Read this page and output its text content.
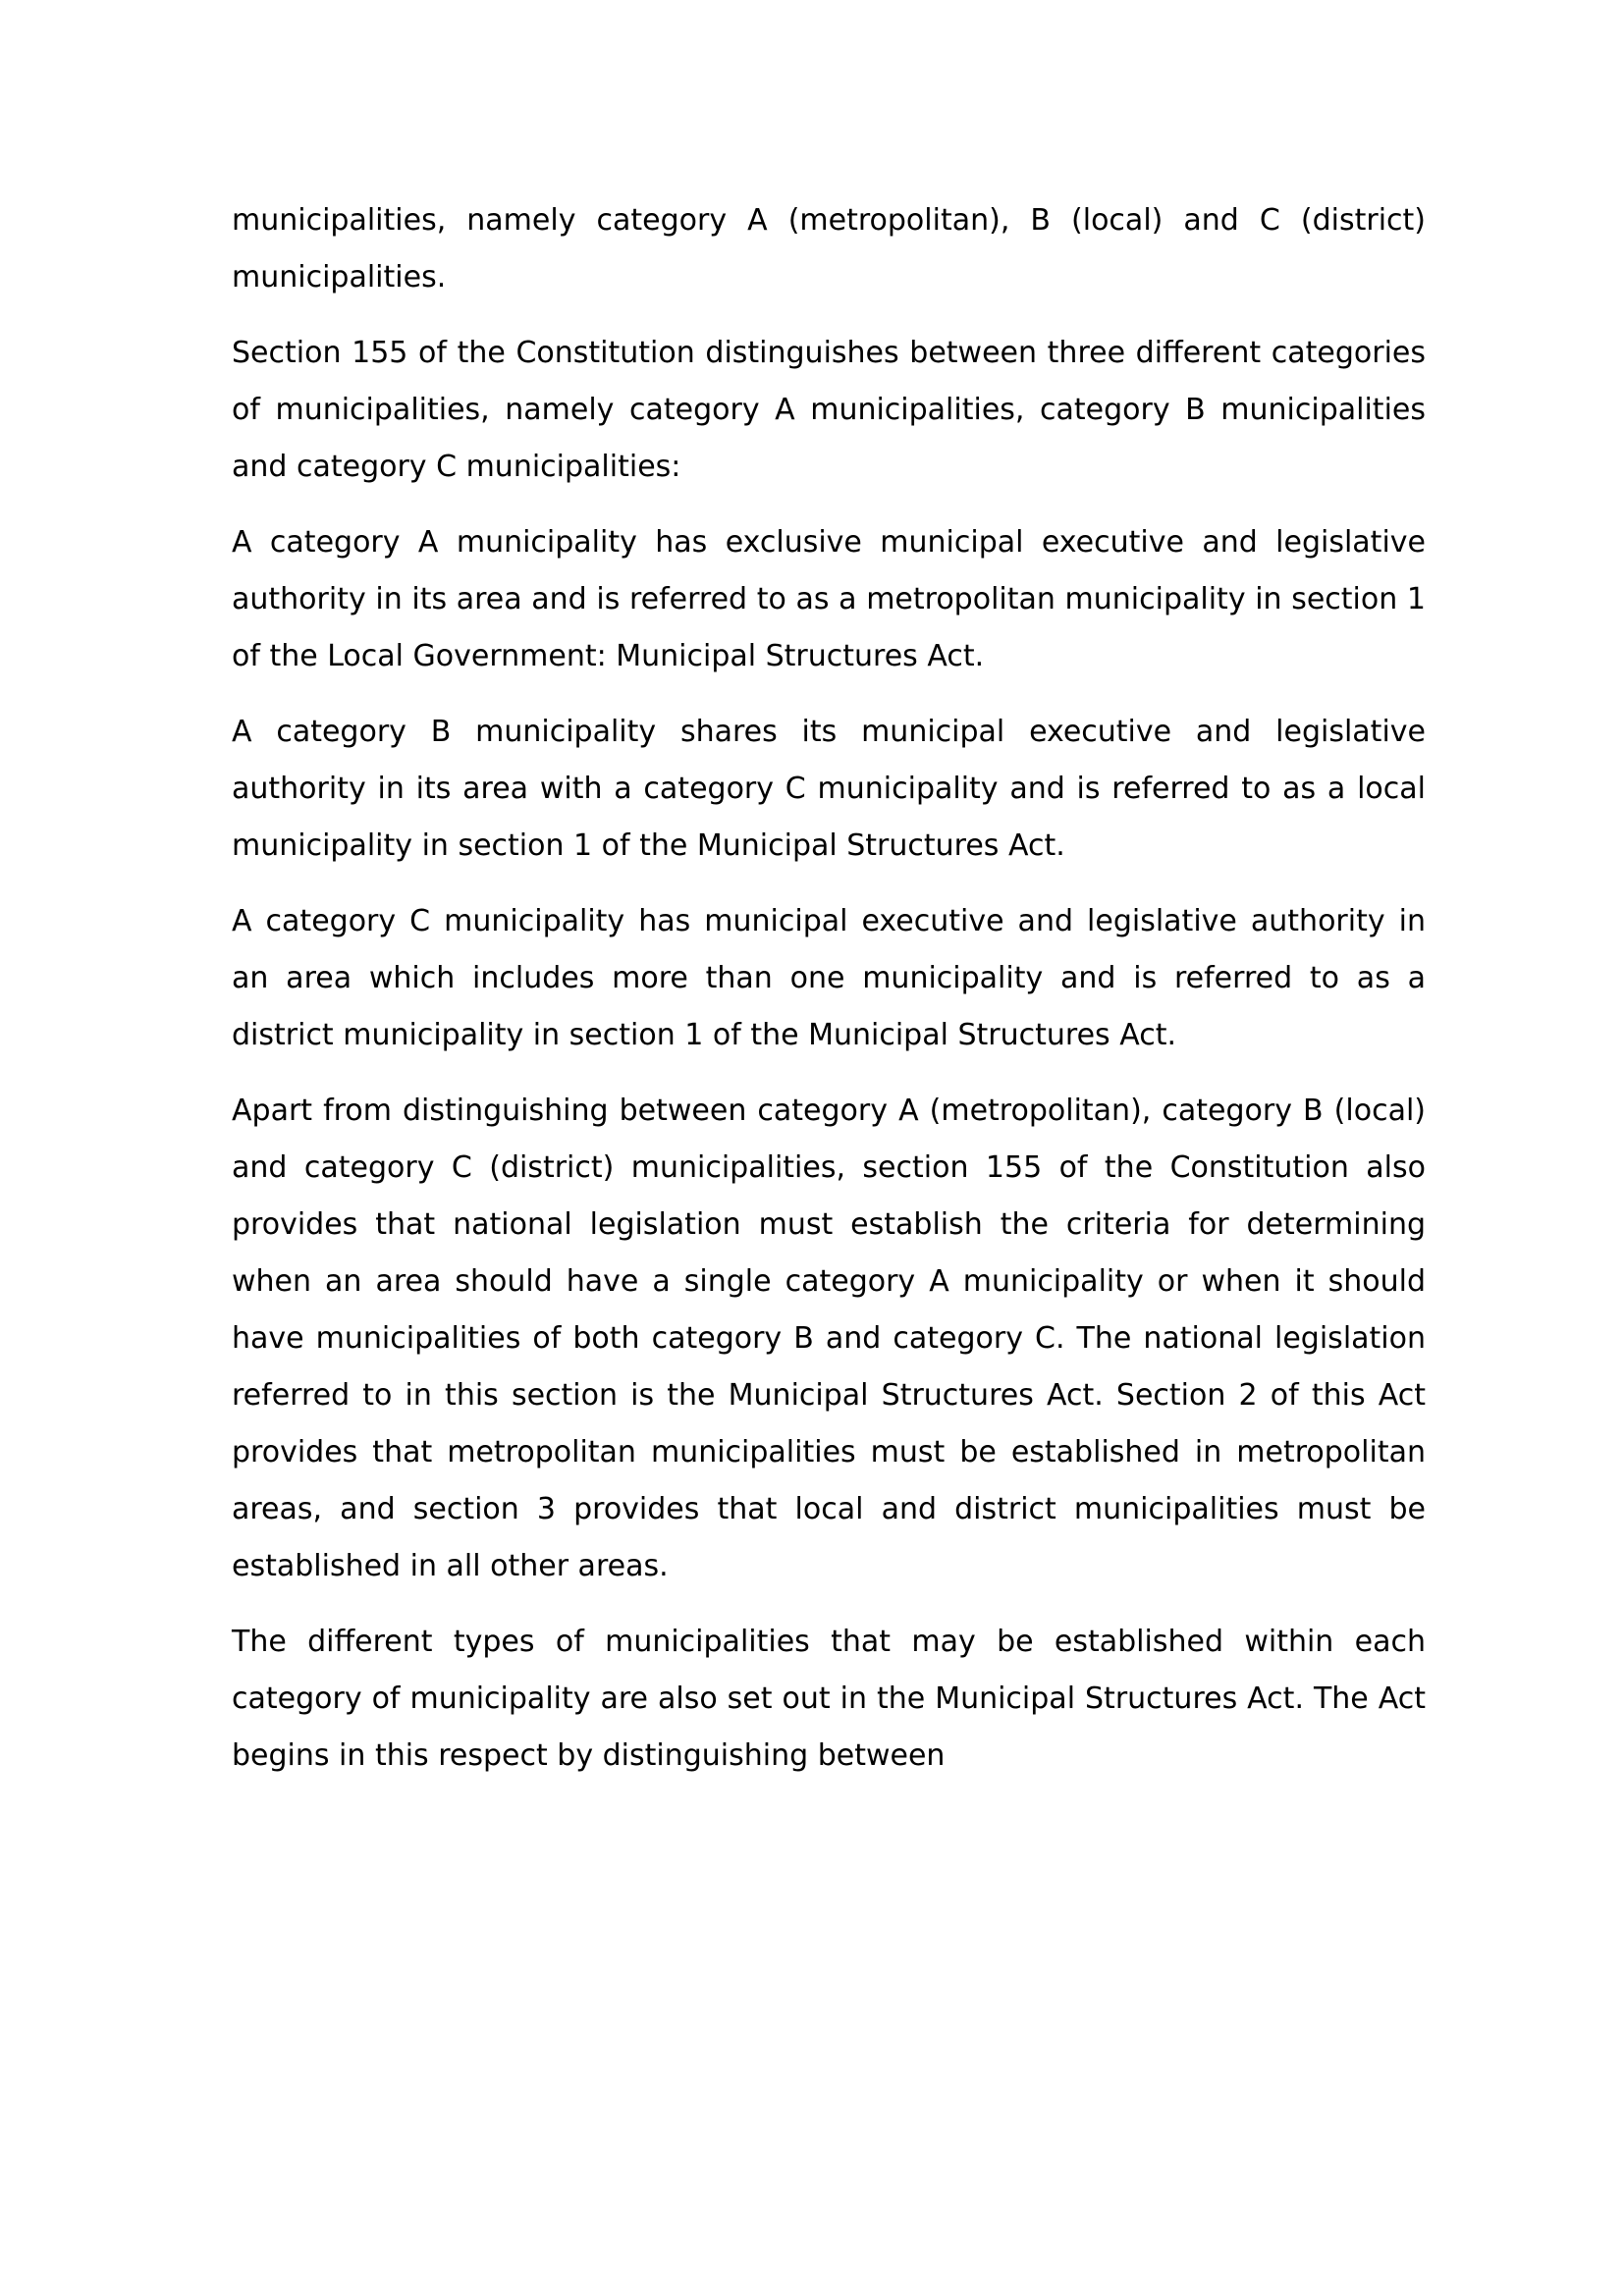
municipalities, namely category A (metropolitan), B (local) and C (district) municipalities.

Section 155 of the Constitution distinguishes between three different categories of municipalities, namely category A municipalities, category B municipalities and category C municipalities:

A category A municipality has exclusive municipal executive and legislative authority in its area and is referred to as a metropolitan municipality in section 1 of the Local Government: Municipal Structures Act.

A category B municipality shares its municipal executive and legislative authority in its area with a category C municipality and is referred to as a local municipality in section 1 of the Municipal Structures Act.

A category C municipality has municipal executive and legislative authority in an area which includes more than one municipality and is referred to as a district municipality in section 1 of the Municipal Structures Act.

Apart from distinguishing between category A (metropolitan), category B (local) and category C (district) municipalities, section 155 of the Constitution also provides that national legislation must establish the criteria for determining when an area should have a single category A municipality or when it should have municipalities of both category B and category C. The national legislation referred to in this section is the Municipal Structures Act. Section 2 of this Act provides that metropolitan municipalities must be established in metropolitan areas, and section 3 provides that local and district municipalities must be established in all other areas.

The different types of municipalities that may be established within each category of municipality are also set out in the Municipal Structures Act. The Act begins in this respect by distinguishing between
